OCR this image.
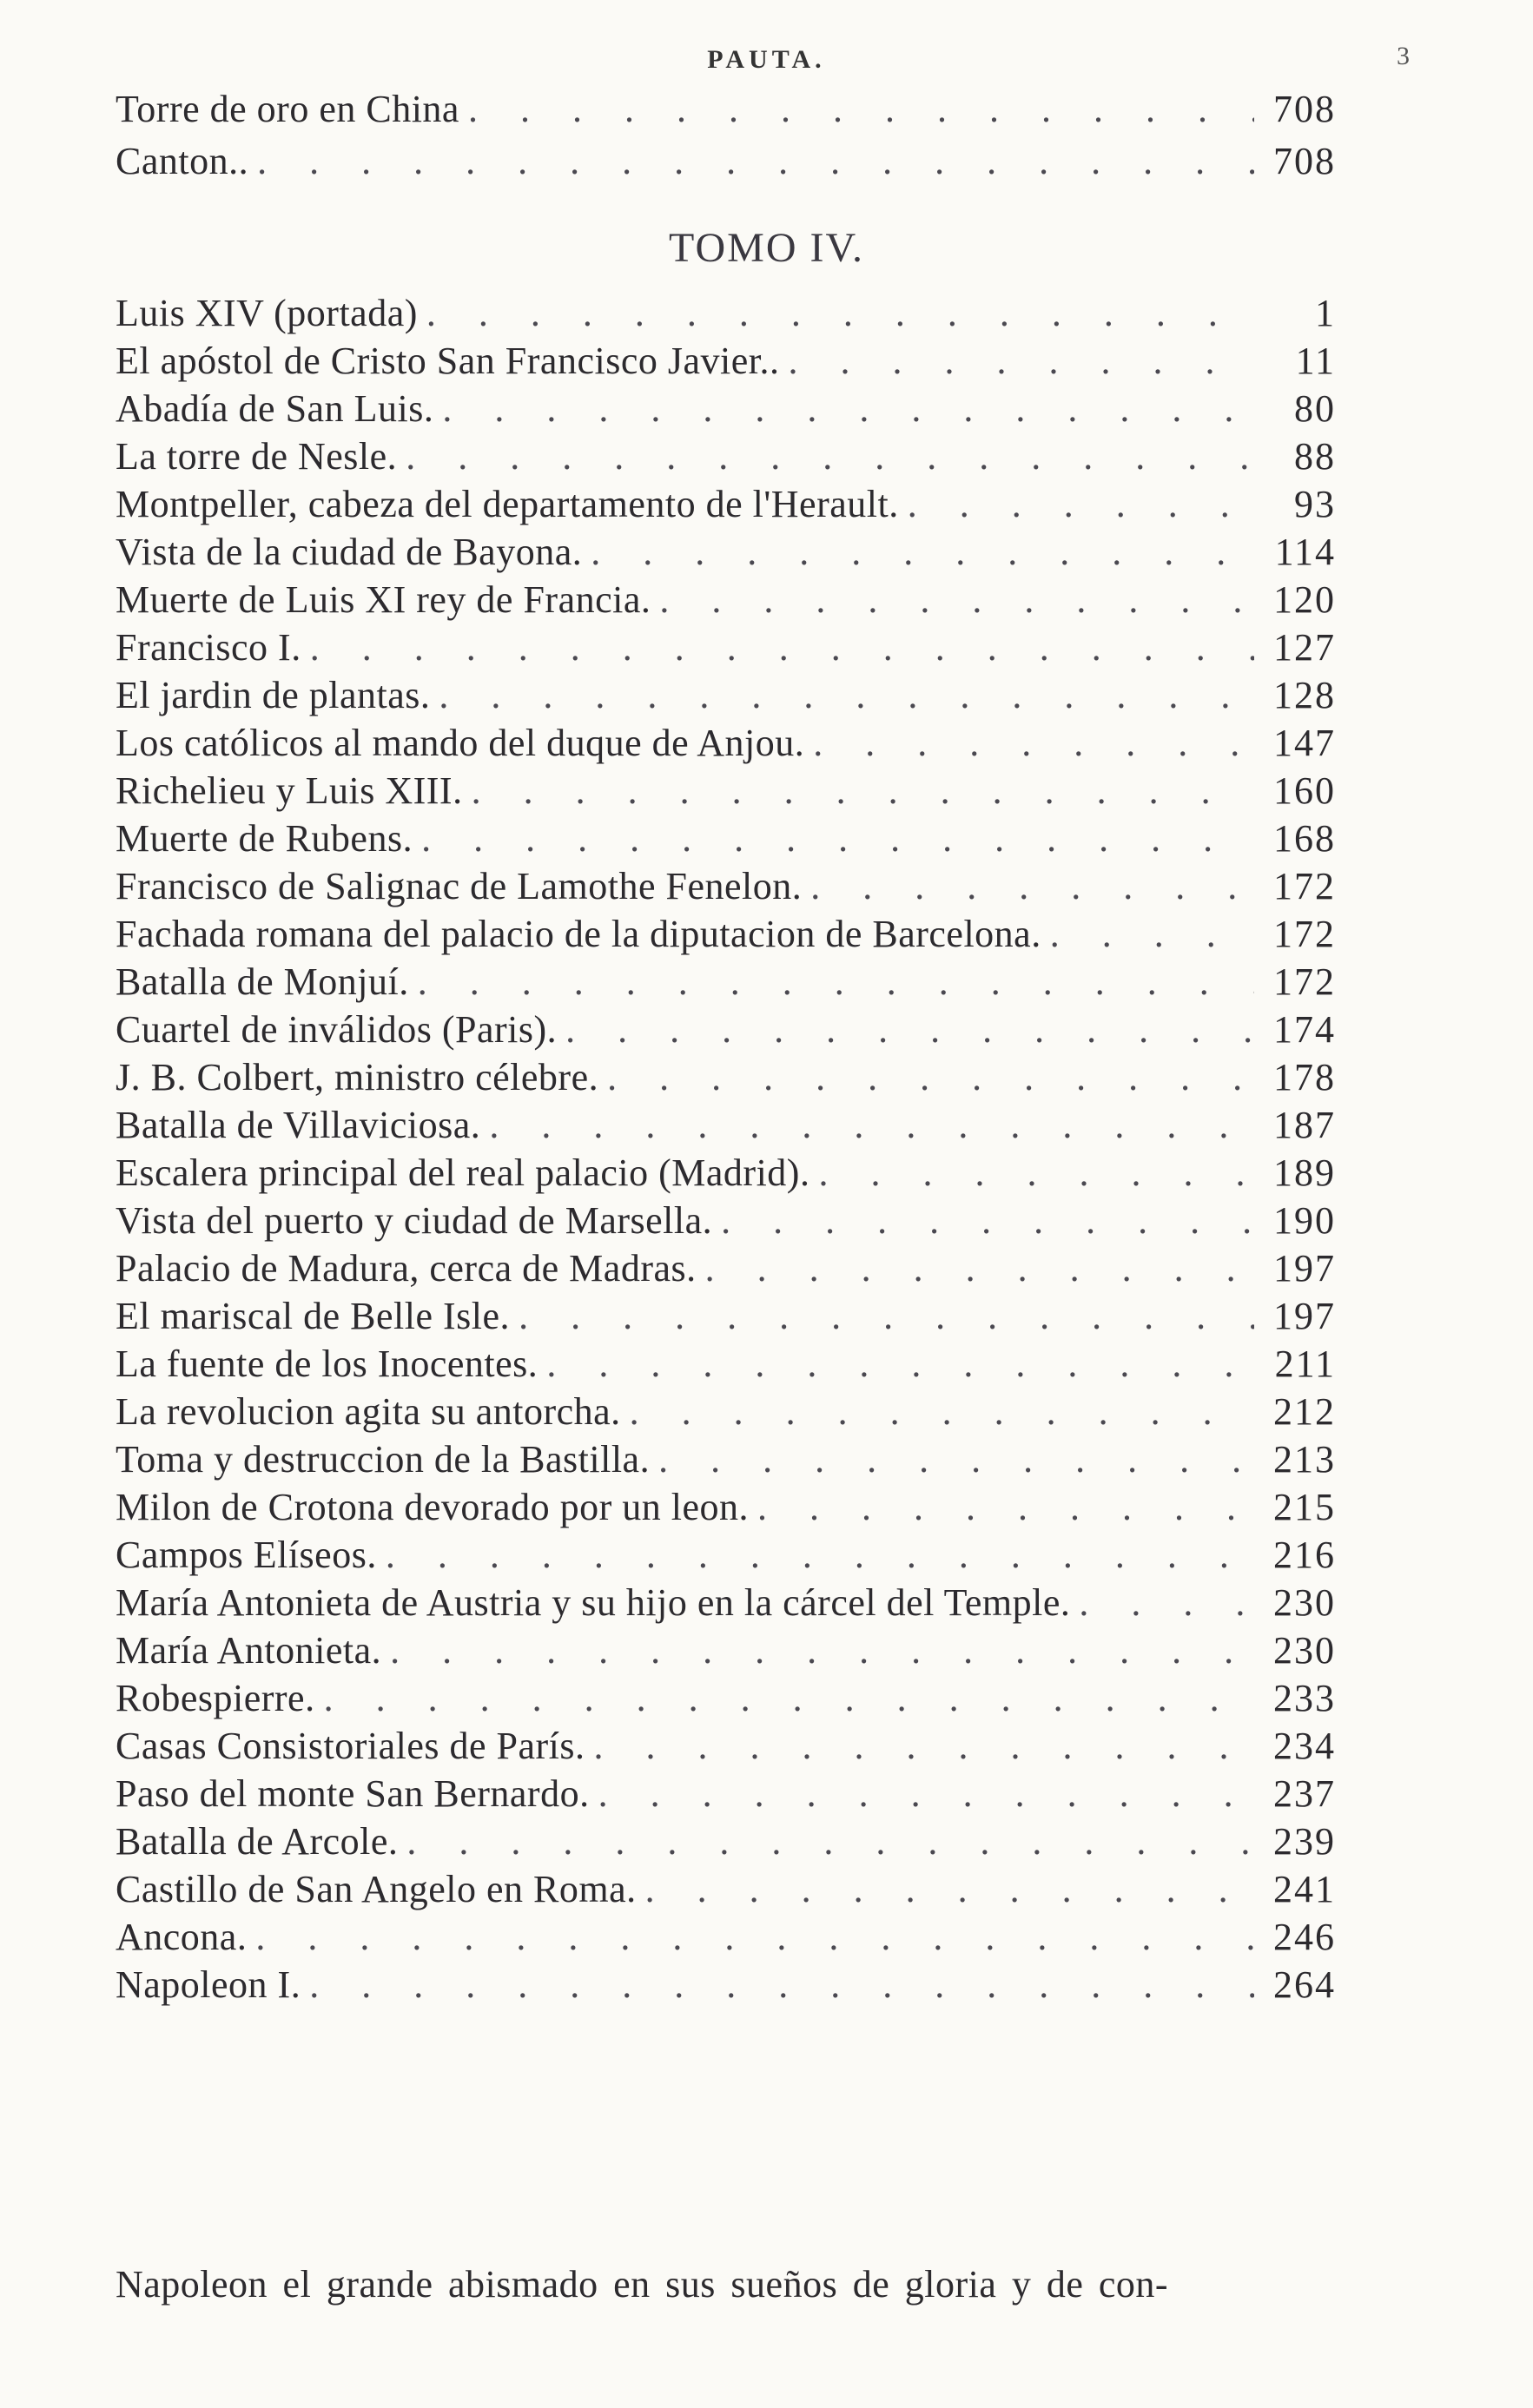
PAUTA.	3
Torre de oro en China . . .	708
Canton.. . . .	708
TOMO IV.
Luis XIV (portada) . . .	1
El apóstol de Cristo San Francisco Javier.. . . .	11
Abadía de San Luis. . . .	80
La torre de Nesle. . . .	88
Montpeller, cabeza del departamento de l'Herault. . . .	93
Vista de la ciudad de Bayona. . . .	114
Muerte de Luis XI rey de Francia. . . .	120
Francisco I. . . .	127
El jardin de plantas. . . .	128
Los católicos al mando del duque de Anjou. . . .	147
Richelieu y Luis XIII. . . .	160
Muerte de Rubens. . . .	168
Francisco de Salignac de Lamothe Fenelon. . . .	172
Fachada romana del palacio de la diputacion de Barcelona. . . .	172
Batalla de Monjuí. . . .	172
Cuartel de inválidos (Paris). . . .	174
J. B. Colbert, ministro célebre. . . .	178
Batalla de Villaviciosa. . . .	187
Escalera principal del real palacio (Madrid). . . .	189
Vista del puerto y ciudad de Marsella. . . .	190
Palacio de Madura, cerca de Madras. . . .	197
El mariscal de Belle Isle. . . .	197
La fuente de los Inocentes. . . .	211
La revolucion agita su antorcha. . . .	212
Toma y destruccion de la Bastilla. . . .	213
Milon de Crotona devorado por un leon. . . .	215
Campos Elíseos. . . .	216
María Antonieta de Austria y su hijo en la cárcel del Temple. . . .	230
María Antonieta. . . .	230
Robespierre. . . .	233
Casas Consistoriales de París. . . .	234
Paso del monte San Bernardo. . . .	237
Batalla de Arcole. . . .	239
Castillo de San Angelo en Roma. . . .	241
Ancona. . . .	246
Napoleon I. . . .	264
Napoleon el grande abismado en sus sueños de gloria y de con-
